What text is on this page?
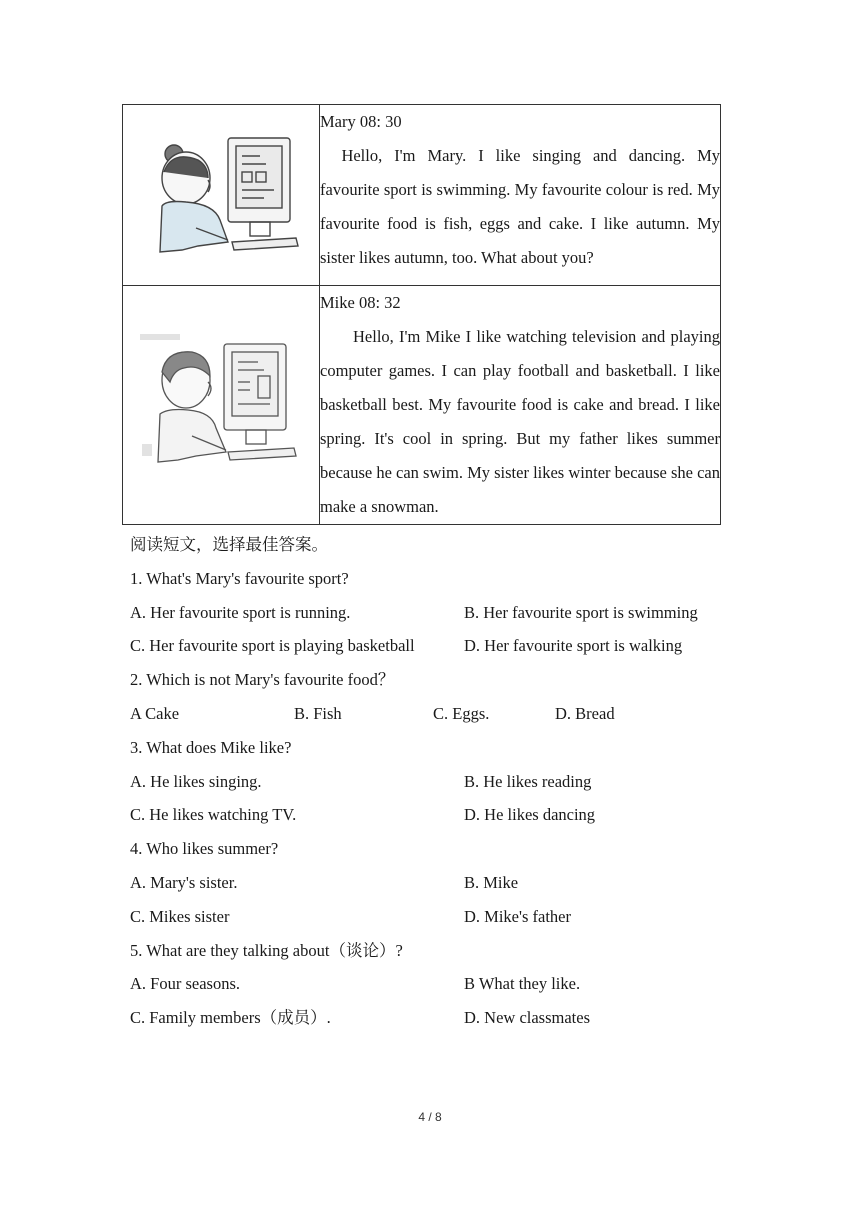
Mary 08: 30
Hello, I'm Mary. I like singing and dancing. My favourite sport is swimming. My favourite colour is red. My favourite food is fish, eggs and cake. I like autumn. My sister likes autumn, too. What about you?

Mike 08: 32
Hello, I'm Mike I like watching television and playing computer games. I can play football and basketball. I like basketball best. My favourite food is cake and bread. I like spring. It's cool in spring. But my father likes summer because he can swim. My sister likes winter because she can make a snowman.
阅读短文，选择最佳答案。
1. What's Mary's favourite sport?
A. Her favourite sport is running.	B. Her favourite sport is swimming
C. Her favourite sport is playing basketball	D. Her favourite sport is walking
2. Which is not Mary's favourite food？
A Cake	B. Fish	C. Eggs.	D. Bread
3. What does Mike like?
A. He likes singing.	B. He likes reading
C. He likes watching TV.	D. He likes dancing
4. Who likes summer?
A. Mary's sister.	B. Mike
C. Mikes sister	D. Mike's father
5. What are they talking about（谈论）?
A. Four seasons.	B What they like.
C. Family members（成员）.	D. New classmates
4 / 8
